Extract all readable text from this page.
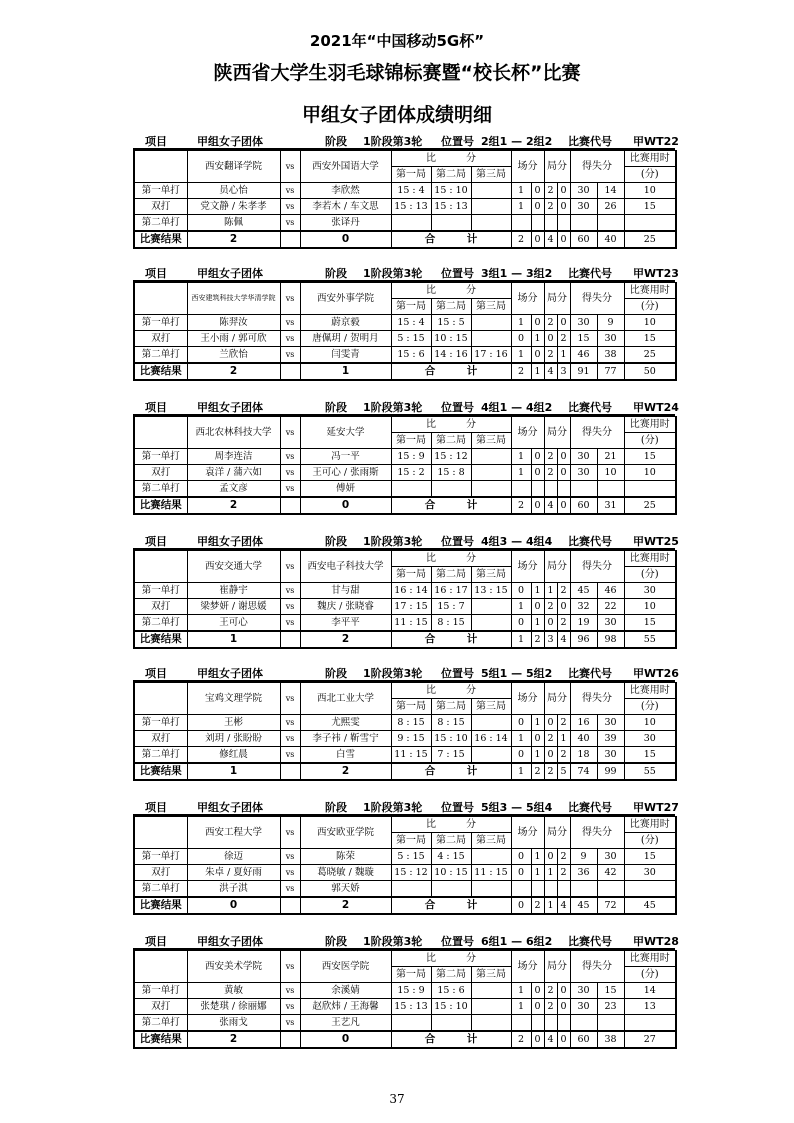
2021年“中国移动5G杯”
陕西省大学生羽毛球锦标赛暨“校长杯”比赛
甲组女子团体成绩明细
项目	甲组女子团体	阶段 1阶段第3轮 位置号 2组1 — 2组2 比赛代号 甲WT22
	西安翻译学院	vs	西安外国语大学	比　　　分			场分		局分		得失分		比赛用时
				第一局	第二局	第三局							(分)
第一单打	员心怡	vs	李欣然	15 : 4	15 : 10		1	0	2	0	30	14	10
双打	党文静 / 朱孝孝	vs	李若木 / 车文思	15 : 13	15 : 13		1	0	2	0	30	26	15
第二单打	陈佩	vs	张译丹										
比赛结果	2		0	合　　　计			2	0	4	0	60	40	25
项目	甲组女子团体	阶段 1阶段第3轮 位置号 3组1 — 3组2 比赛代号 甲WT23
	西安建筑科技大学华清学院	vs	西安外事学院	比　　　分			场分		局分		得失分		比赛用时
				第一局	第二局	第三局							(分)
第一单打	陈羿汝	vs	蔚京毅	15 : 4	15 : 5		1	0	2	0	30	9	10
双打	王小雨 / 郭可欣	vs	唐佩玥 / 贺明月	5 : 15	10 : 15		0	1	0	2	15	30	15
第二单打	兰欣怡	vs	闫雯青	15 : 6	14 : 16	17 : 16	1	0	2	1	46	38	25
比赛结果	2		1	合　　　计			2	1	4	3	91	77	50
项目	甲组女子团体	阶段 1阶段第3轮 位置号 4组1 — 4组2 比赛代号 甲WT24
	西北农林科技大学	vs	延安大学	比　　　分			场分		局分		得失分		比赛用时
				第一局	第二局	第三局							(分)
第一单打	周李连洁	vs	冯一平	15 : 9	15 : 12		1	0	2	0	30	21	15
双打	袁洋 / 蒲六如	vs	王可心 / 张雨斯	15 : 2	15 : 8		1	0	2	0	30	10	10
第二单打	孟文彦	vs	傅妍										
比赛结果	2		0	合　　　计			2	0	4	0	60	31	25
项目	甲组女子团体	阶段 1阶段第3轮 位置号 4组3 — 4组4 比赛代号 甲WT25
	西安交通大学	vs	西安电子科技大学	比　　　分			场分		局分		得失分		比赛用时
				第一局	第二局	第三局							(分)
第一单打	崔静宇	vs	甘与甜	16 : 14	16 : 17	13 : 15	0	1	1	2	45	46	30
双打	梁梦妍 / 谢思媛	vs	魏庆 / 张晓睿	17 : 15	15 : 7		1	0	2	0	32	22	10
第二单打	王可心	vs	李平平	11 : 15	8 : 15		0	1	0	2	19	30	15
比赛结果	1		2	合　　　计			1	2	3	4	96	98	55
项目	甲组女子团体	阶段 1阶段第3轮 位置号 5组1 — 5组2 比赛代号 甲WT26
	宝鸡文理学院	vs	西北工业大学	比　　　分			场分		局分		得失分		比赛用时
				第一局	第二局	第三局							(分)
第一单打	王彬	vs	尤熙雯	8 : 15	8 : 15		0	1	0	2	16	30	10
双打	刘玥 / 张盼盼	vs	李子祎 / 靳雪宁	9 : 15	15 : 10	16 : 14	1	0	2	1	40	39	30
第二单打	修红晨	vs	白雪	11 : 15	7 : 15		0	1	0	2	18	30	15
比赛结果	1		2	合　　　计			1	2	2	5	74	99	55
项目	甲组女子团体	阶段 1阶段第3轮 位置号 5组3 — 5组4 比赛代号 甲WT27
	西安工程大学	vs	西安欧亚学院	比　　　分			场分		局分		得失分		比赛用时
				第一局	第二局	第三局							(分)
第一单打	徐迈	vs	陈荣	5 : 15	4 : 15		0	1	0	2	9	30	15
双打	朱卓 / 夏好雨	vs	葛晓敏 / 魏璇	15 : 12	10 : 15	11 : 15	0	1	1	2	36	42	30
第二单打	洪子淇	vs	郭天娇										
比赛结果	0		2	合　　　计			0	2	1	4	45	72	45
项目	甲组女子团体	阶段 1阶段第3轮 位置号 6组1 — 6组2 比赛代号 甲WT28
	西安美术学院	vs	西安医学院	比　　　分			场分		局分		得失分		比赛用时
				第一局	第二局	第三局							(分)
第一单打	黄敏	vs	余溪婧	15 : 9	15 : 6		1	0	2	0	30	15	14
双打	张楚琪 / 徐丽娜	vs	赵欣炜 / 王海馨	15 : 13	15 : 10		1	0	2	0	30	23	13
第二单打	张雨戈	vs	王艺凡										
比赛结果	2		0	合　　　计			2	0	4	0	60	38	27
37
